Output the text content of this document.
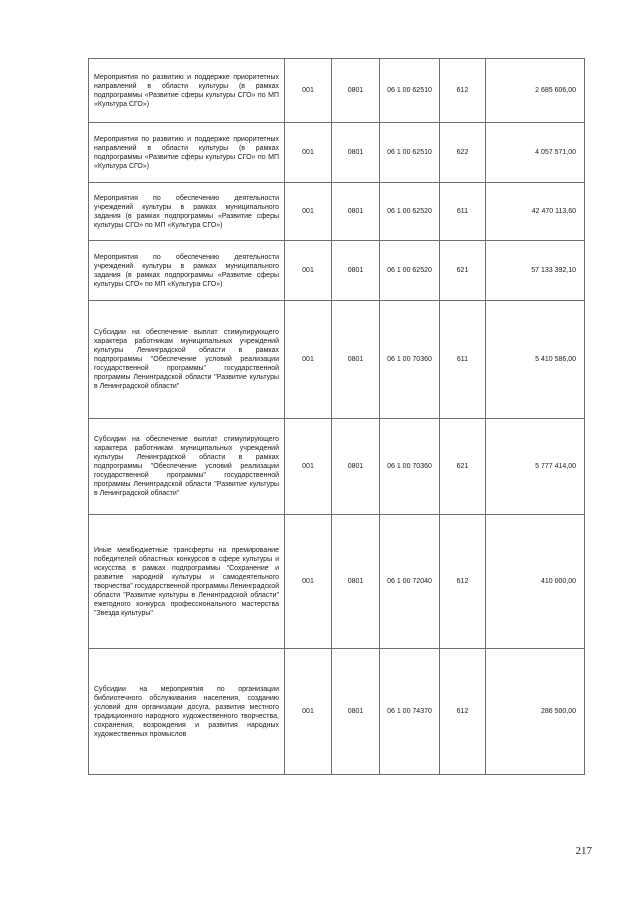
Мероприятия по развитию и поддержке приоритетных направлений в области культуры (в рамках подпрограммы «Развитие сферы культуры СГО» по МП «Культура СГО»)	001	0801	06 1 00 62510	612	2 685 606,00
Мероприятия по развитию и поддержке приоритетных направлений в области культуры (в рамках подпрограммы «Развитие сферы культуры СГО» по МП «Культура СГО»)	001	0801	06 1 00 62510	622	4 057 571,00
Мероприятия по обеспечению деятельности учреждений культуры в рамках муниципального задания (в рамках подпрограммы «Развитие сферы культуры СГО» по МП «Культура СГО»)	001	0801	06 1 00 62520	611	42 470 113,60
Мероприятия по обеспечению деятельности учреждений культуры в рамках муниципального задания (в рамках подпрограммы «Развитие сферы культуры СГО» по МП «Культура СГО»)	001	0801	06 1 00 62520	621	57 133 392,10
Субсидии на обеспечение выплат стимулирующего характера работникам муниципальных учреждений культуры Ленинградской области в рамках подпрограммы "Обеспечение условий реализации государственной программы" государственной программы Ленинградской области "Развитие культуры в Ленинградской области"	001	0801	06 1 00 70360	611	5 410 586,00
Субсидии на обеспечение выплат стимулирующего характера работникам муниципальных учреждений культуры Ленинградской области в рамках подпрограммы "Обеспечение условий реализации государственной программы" государственной программы Ленинградской области "Развитие культуры в Ленинградской области"	001	0801	06 1 00 70360	621	5 777 414,00
Иные межбюджетные трансферты на премирование победителей областных конкурсов в сфере культуры и искусства в рамках подпрограммы "Сохранение и развитие народной культуры и самодеятельного творчества" государственной программы Ленинградской области "Развитие культуры в Ленинградской области" ежегодного конкурса профессионального мастерства "Звезда культуры"	001	0801	06 1 00 72040	612	410 000,00
Субсидии на мероприятия по организации библиотечного обслуживания населения, созданию условий для организации досуга, развития местного традиционного народного художественного творчества, сохранения, возрождения и развития народных художественных промыслов	001	0801	06 1 00 74370	612	286 500,00
217
